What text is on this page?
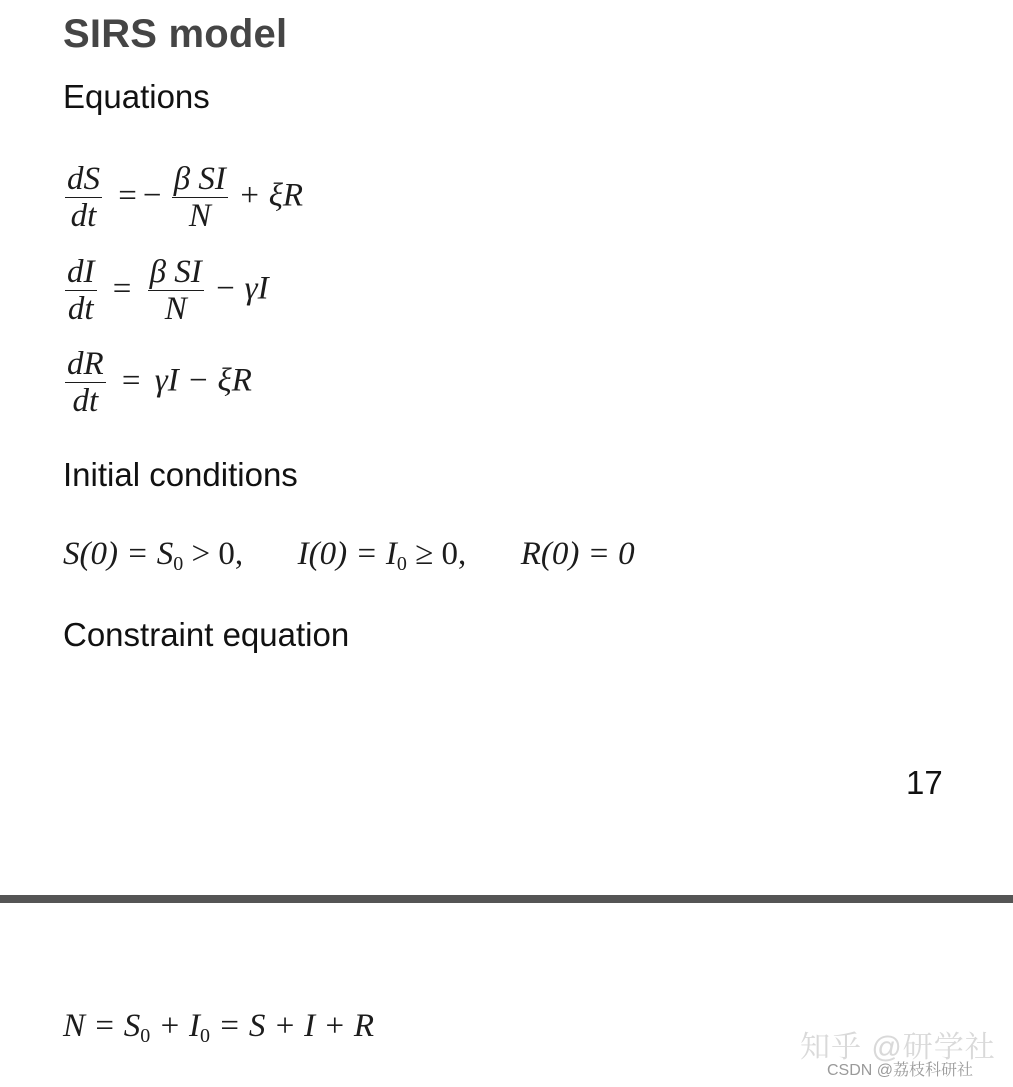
SIRS model
Equations
$\frac{dS}{dt}$ = − $\frac{\text{β SI}}{N} + \xi R$
$\frac{dI}{dt} = \frac{\text{β SI}}{N} - \gamma I$
$\frac{dR}{dt} = \gamma I - \xi R$
Initial conditions
$S(0) = S_0 > 0$, $I(0) = I_0 \ge 0$, R(0) = 0
Constraint equation
17
$N = S_0 + I_0 = S + I + R$
知乎 @研学社
CSDN @荔枝科研社
